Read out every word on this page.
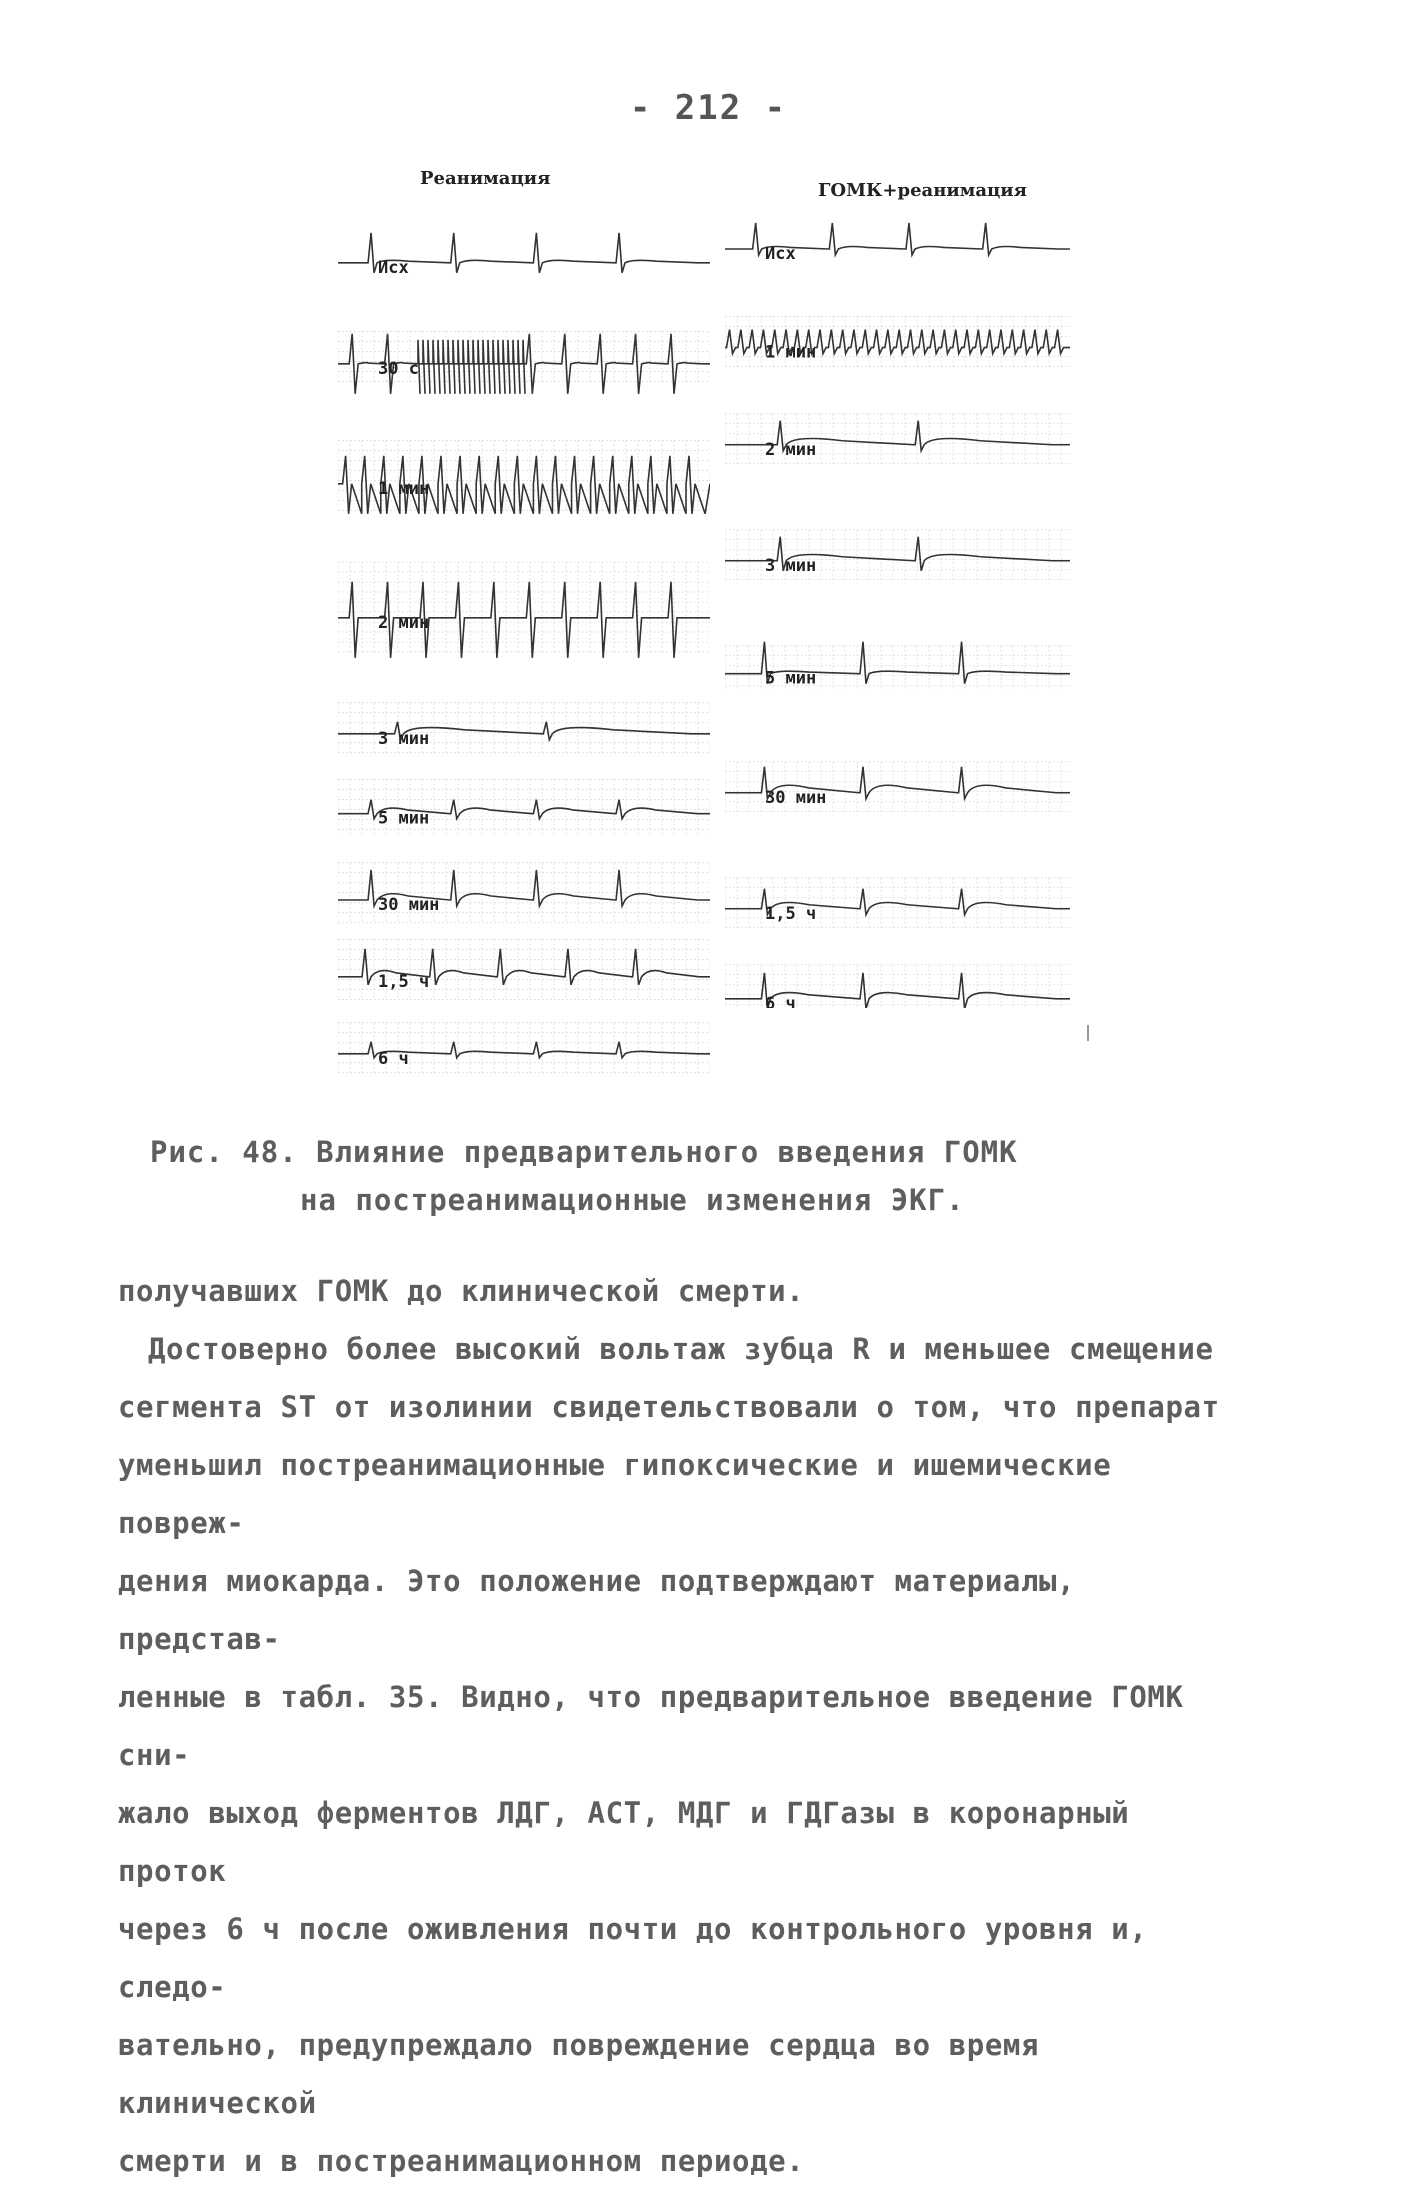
- 212 -
Реанимация
ГОМК+реанимация
Исх
30 с
1 мин
2 мин
3 мин
5 мин
30 мин
1,5 ч
6 ч
Исх
1 мин
2 мин
3 мин
5 мин
30 мин
1,5 ч
6 ч
Рис. 48. Влияние предварительного введения ГОМК
на постреанимационные изменения ЭКГ.

получавших ГОМК до клинической смерти.

Достоверно более высокий вольтаж зубца R и меньшее смещение

сегмента ST от изолинии свидетельствовали о том, что препарат

уменьшил постреанимационные гипоксические и ишемические повреж-

дения миокарда. Это положение подтверждают материалы, представ-

ленные в табл. 35. Видно, что предварительное введение ГОМК сни-

жало выход ферментов ЛДГ, АСТ, МДГ и ГДГазы в коронарный проток

через 6 ч после оживления почти до контрольного уровня и, следо-

вательно, предупреждало повреждение сердца во время клинической

смерти и в постреанимационном периоде.
